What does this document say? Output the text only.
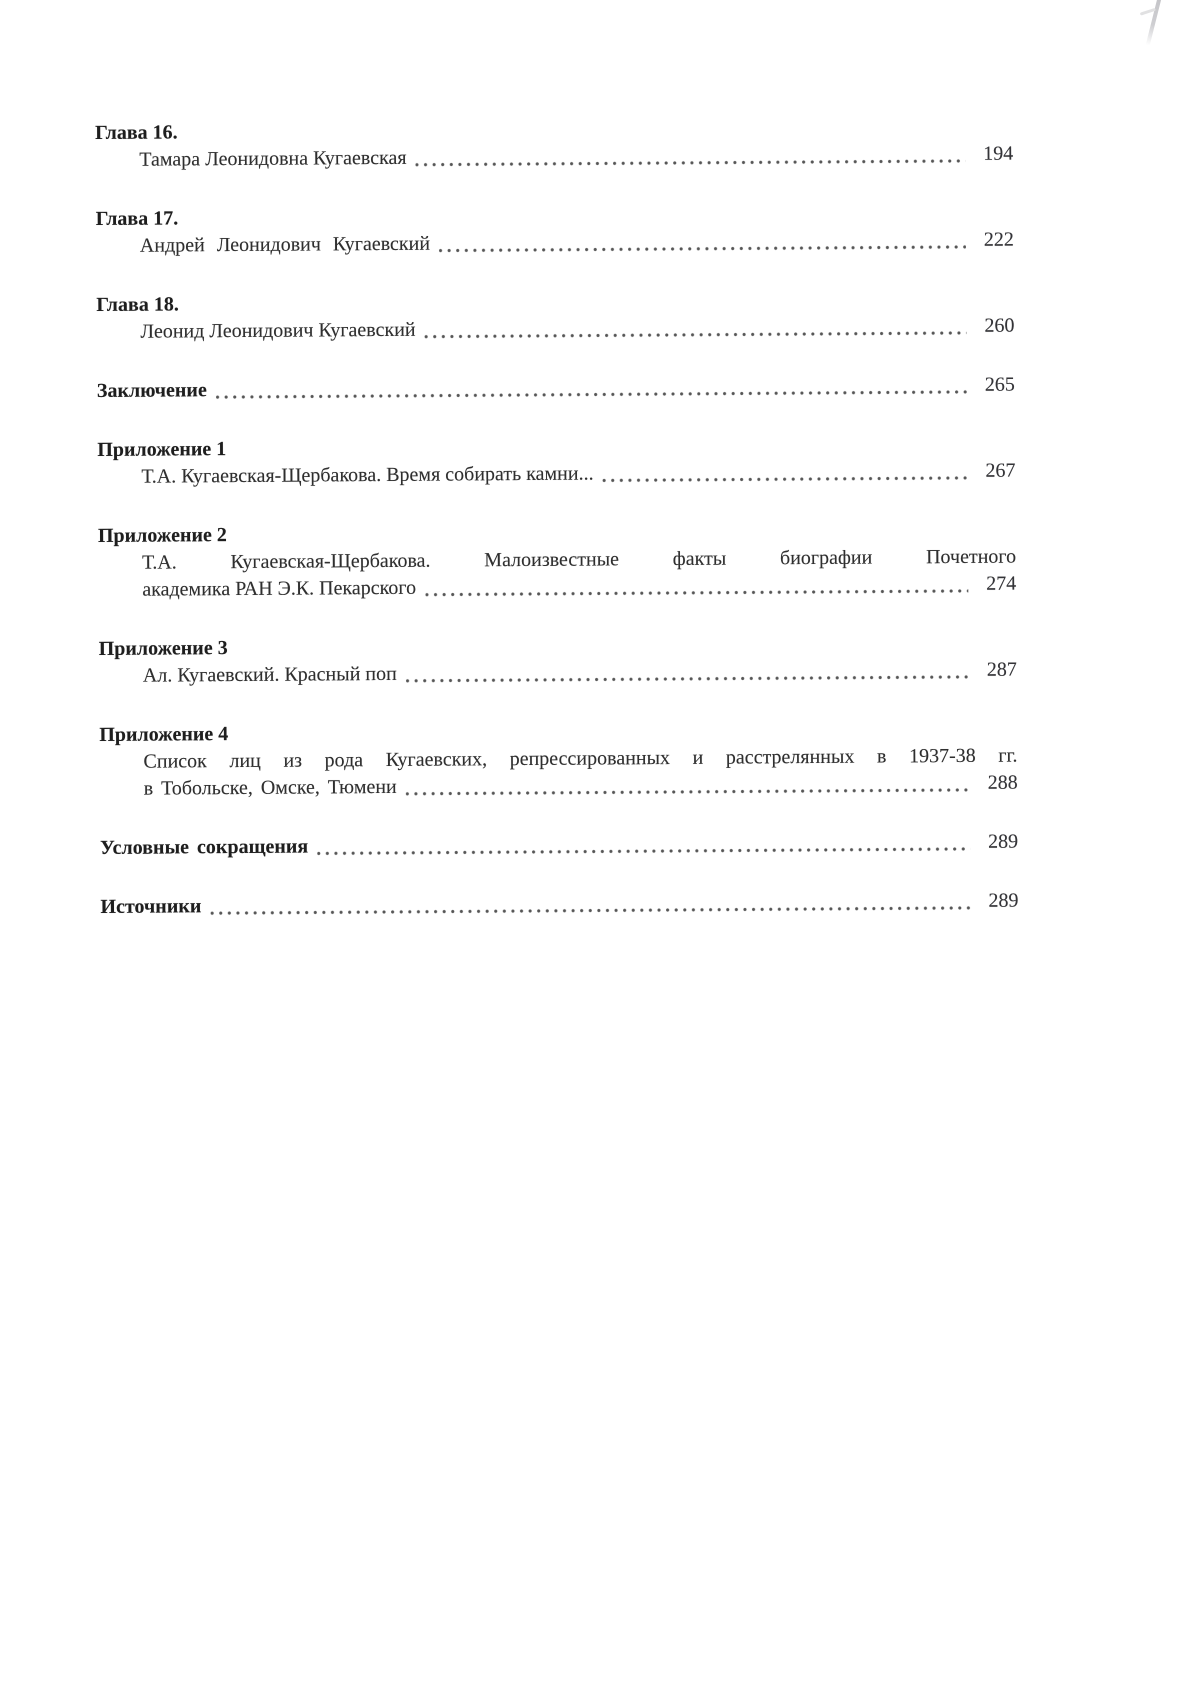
Глава 16.
Тамара Леонидовна Кугаевская	194
Глава 17.
Андрей Леонидович Кугаевский	222
Глава 18.
Леонид Леонидович Кугаевский	260
Заключение	265
Приложение 1
Т.А. Кугаевская-Щербакова. Время собирать камни...	267
Приложение 2
Т.А. Кугаевская-Щербакова. Малоизвестные факты биографии Почетного
академика РАН Э.К. Пекарского	274
Приложение 3
Ал. Кугаевский. Красный поп	287
Приложение 4
Список лиц из рода Кугаевских, репрессированных и расстрелянных в 1937-38 гг.
в Тобольске, Омске, Тюмени	288
Условные сокращения	289
Источники	289
